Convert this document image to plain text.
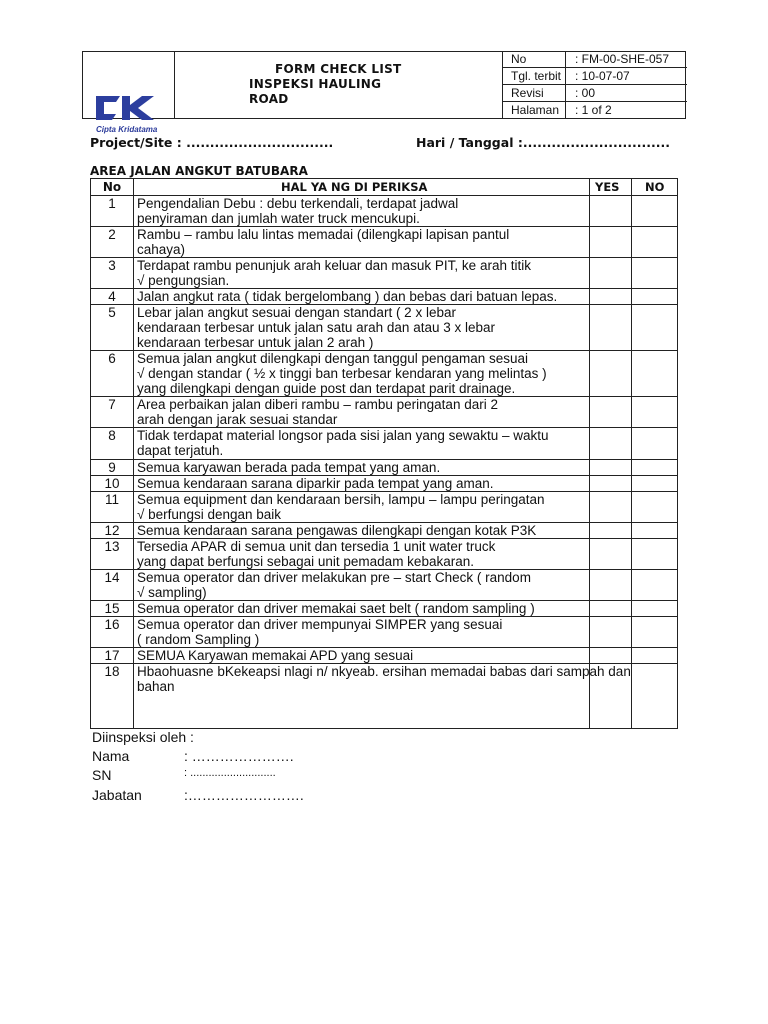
FORM CHECK LIST
INSPEKSI HAULING
ROAD
No	: FM-00-SHE-057
Tgl. terbit : 10-07-07
Revisi	: 00
Halaman : 1 of 2
Cipta Kridatama
Project/Site : ...............................	Hari / Tanggal :...............................
AREA JALAN ANGKUT BATUBARA
No	HAL YA NG DI PERIKSA	YES NO
1	Pengendalian Debu : debu terkendali, terdapat jadwal
penyiraman dan jumlah water truck mencukupi.
2	Rambu – rambu lalu lintas memadai (dilengkapi lapisan pantul
cahaya)
3	Terdapat rambu penunjuk arah keluar dan masuk PIT, ke arah titik
√ pengungsian.
4	Jalan angkut rata ( tidak bergelombang ) dan bebas dari batuan lepas.
5	Lebar jalan angkut sesuai dengan standart ( 2 x lebar
kendaraan terbesar untuk jalan satu arah dan atau 3 x lebar
kendaraan terbesar untuk jalan 2 arah )
6	Semua jalan angkut dilengkapi dengan tanggul pengaman sesuai
√ dengan standar ( ½ x tinggi ban terbesar kendaran yang melintas )
yang dilengkapi dengan guide post dan terdapat parit drainage.
7	Area perbaikan jalan diberi rambu – rambu peringatan dari 2
arah dengan jarak sesuai standar
8	Tidak terdapat material longsor pada sisi jalan yang sewaktu – waktu
dapat terjatuh.
9	Semua karyawan berada pada tempat yang aman.
10	Semua kendaraan sarana diparkir pada tempat yang aman.
11	Semua equipment dan kendaraan bersih, lampu – lampu peringatan
√ berfungsi dengan baik
12	Semua kendaraan sarana pengawas dilengkapi dengan kotak P3K
13	Tersedia APAR di semua unit dan tersedia 1 unit water truck
yang dapat berfungsi sebagai unit pemadam kebakaran.
14	Semua operator dan driver melakukan pre – start Check ( random
√ sampling)
15	Semua operator dan driver memakai saet belt ( random sampling )
16	Semua operator dan driver mempunyai SIMPER yang sesuai
( random Sampling )
17	SEMUA Karyawan memakai APD yang sesuai
18	Hbaohuasne bKekeapsi nlagi n/ nkyeab. ersihan memadai babas dari sampah dan
bahan
Diinspeksi oleh :
Nama	: ………………….
SN	: ............................
Jabatan	:…………………….
